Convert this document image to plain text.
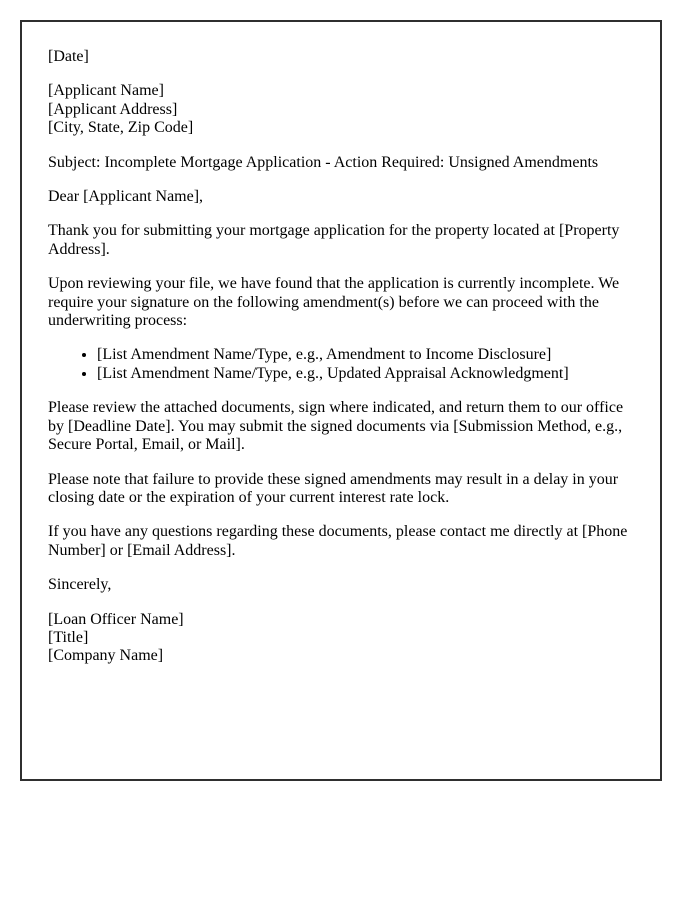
[Date]

[Applicant Name]
[Applicant Address]
[City, State, Zip Code]

Subject: Incomplete Mortgage Application - Action Required: Unsigned Amendments

Dear [Applicant Name],

Thank you for submitting your mortgage application for the property located at [Property Address].

Upon reviewing your file, we have found that the application is currently incomplete. We require your signature on the following amendment(s) before we can proceed with the underwriting process:

• [List Amendment Name/Type, e.g., Amendment to Income Disclosure]
• [List Amendment Name/Type, e.g., Updated Appraisal Acknowledgment]

Please review the attached documents, sign where indicated, and return them to our office by [Deadline Date]. You may submit the signed documents via [Submission Method, e.g., Secure Portal, Email, or Mail].

Please note that failure to provide these signed amendments may result in a delay in your closing date or the expiration of your current interest rate lock.

If you have any questions regarding these documents, please contact me directly at [Phone Number] or [Email Address].

Sincerely,

[Loan Officer Name]
[Title]
[Company Name]
